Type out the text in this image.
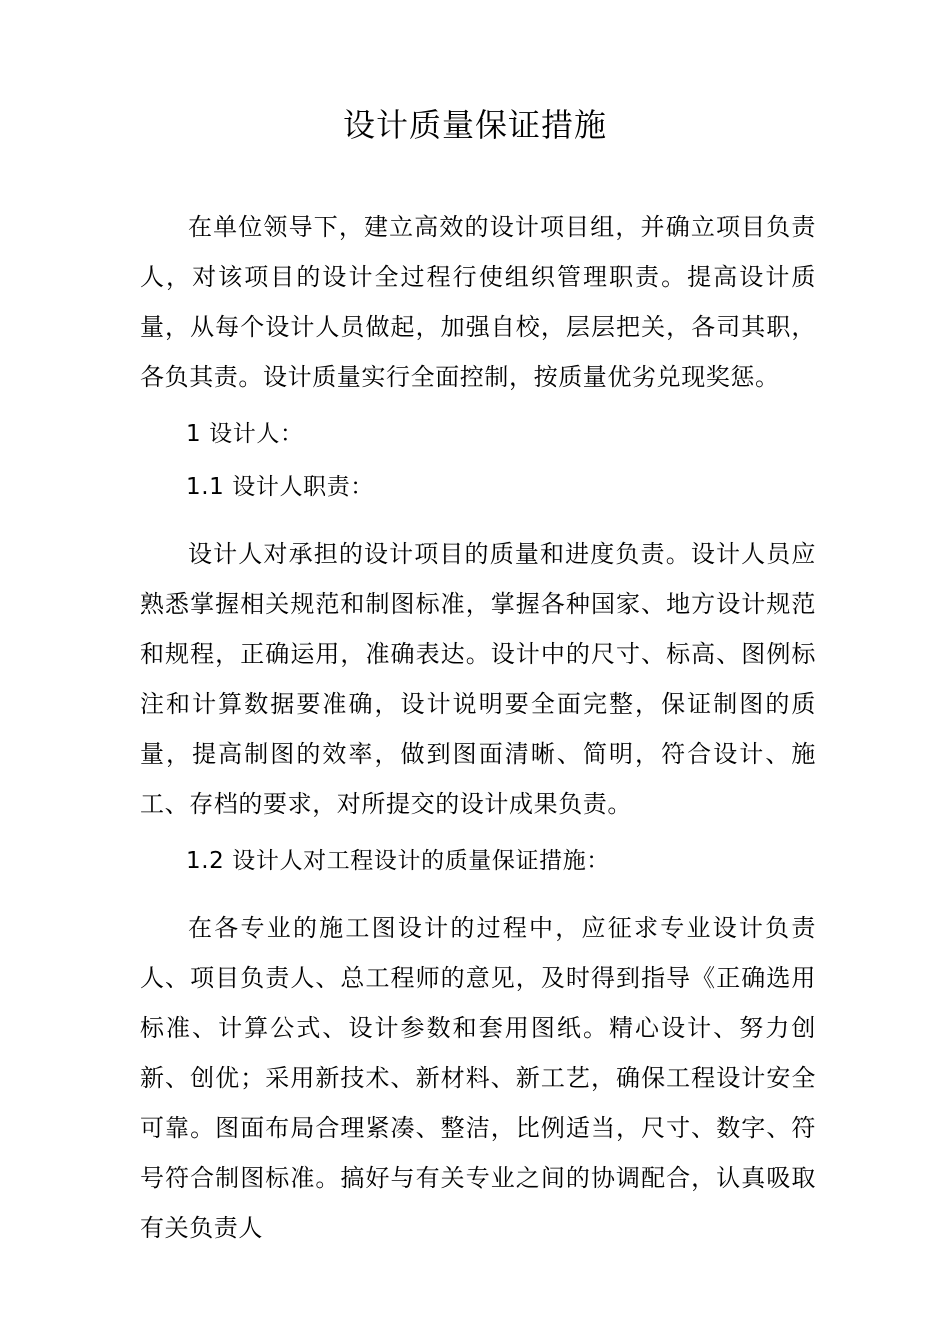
设计质量保证措施

在单位领导下，建立高效的设计项目组，并确立项目负责人，对该项目的设计全过程行使组织管理职责。提高设计质量，从每个设计人员做起，加强自校，层层把关，各司其职，各负其责。设计质量实行全面控制，按质量优劣兑现奖惩。

1 设计人：

1.1 设计人职责：

设计人对承担的设计项目的质量和进度负责。设计人员应熟悉掌握相关规范和制图标准，掌握各种国家、地方设计规范和规程，正确运用，准确表达。设计中的尺寸、标高、图例标注和计算数据要准确，设计说明要全面完整，保证制图的质量，提高制图的效率，做到图面清晰、简明，符合设计、施工、存档的要求，对所提交的设计成果负责。

1.2 设计人对工程设计的质量保证措施：

在各专业的施工图设计的过程中，应征求专业设计负责人、项目负责人、总工程师的意见，及时得到指导《正确选用标准、计算公式、设计参数和套用图纸。精心设计、努力创新、创优；采用新技术、新材料、新工艺，确保工程设计安全可靠。图面布局合理紧凑、整洁，比例适当，尺寸、数字、符号符合制图标准。搞好与有关专业之间的协调配合，认真吸取有关负责人
